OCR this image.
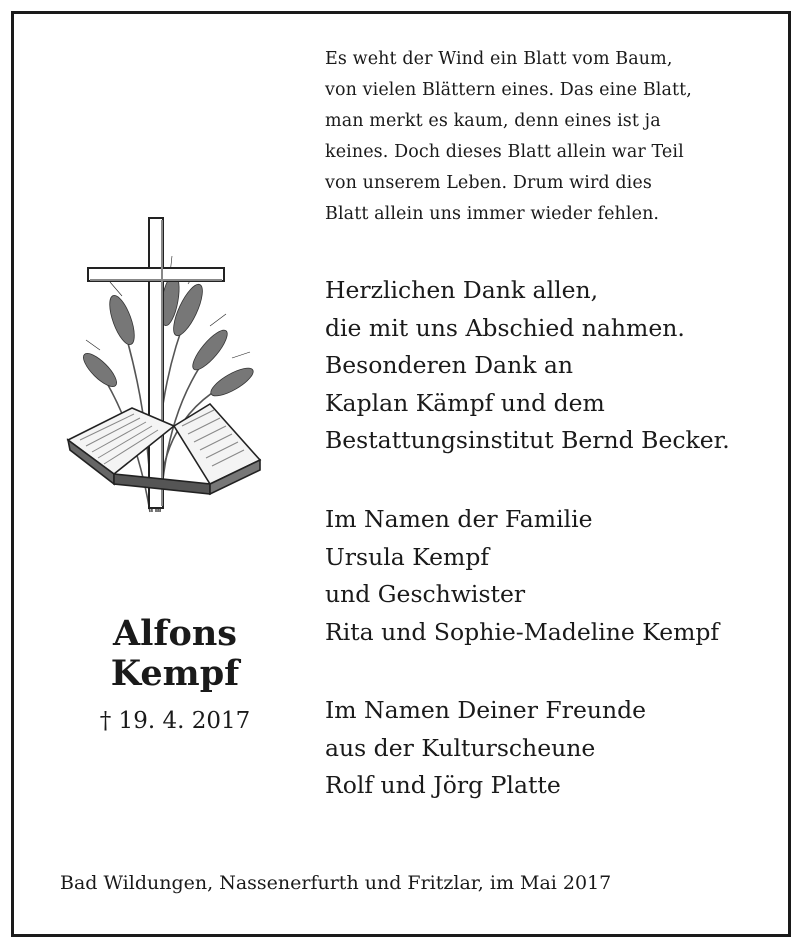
Es weht der Wind ein Blatt vom Baum,
von vielen Blättern eines. Das eine Blatt,
man merkt es kaum, denn eines ist ja
keines. Doch dieses Blatt allein war Teil
von unserem Leben. Drum wird dies
Blatt allein uns immer wieder fehlen.
Alfons
Kempf
† 19. 4. 2017
Herzlichen Dank allen,
die mit uns Abschied nahmen.
Besonderen Dank an
Kaplan Kämpf und dem
Bestattungsinstitut Bernd Becker.
Im Namen der Familie
Ursula Kempf
und Geschwister
Rita und Sophie-Madeline Kempf
Im Namen Deiner Freunde
aus der Kulturscheune
Rolf und Jörg Platte
Bad Wildungen, Nassenerfurth und Fritzlar, im Mai 2017
